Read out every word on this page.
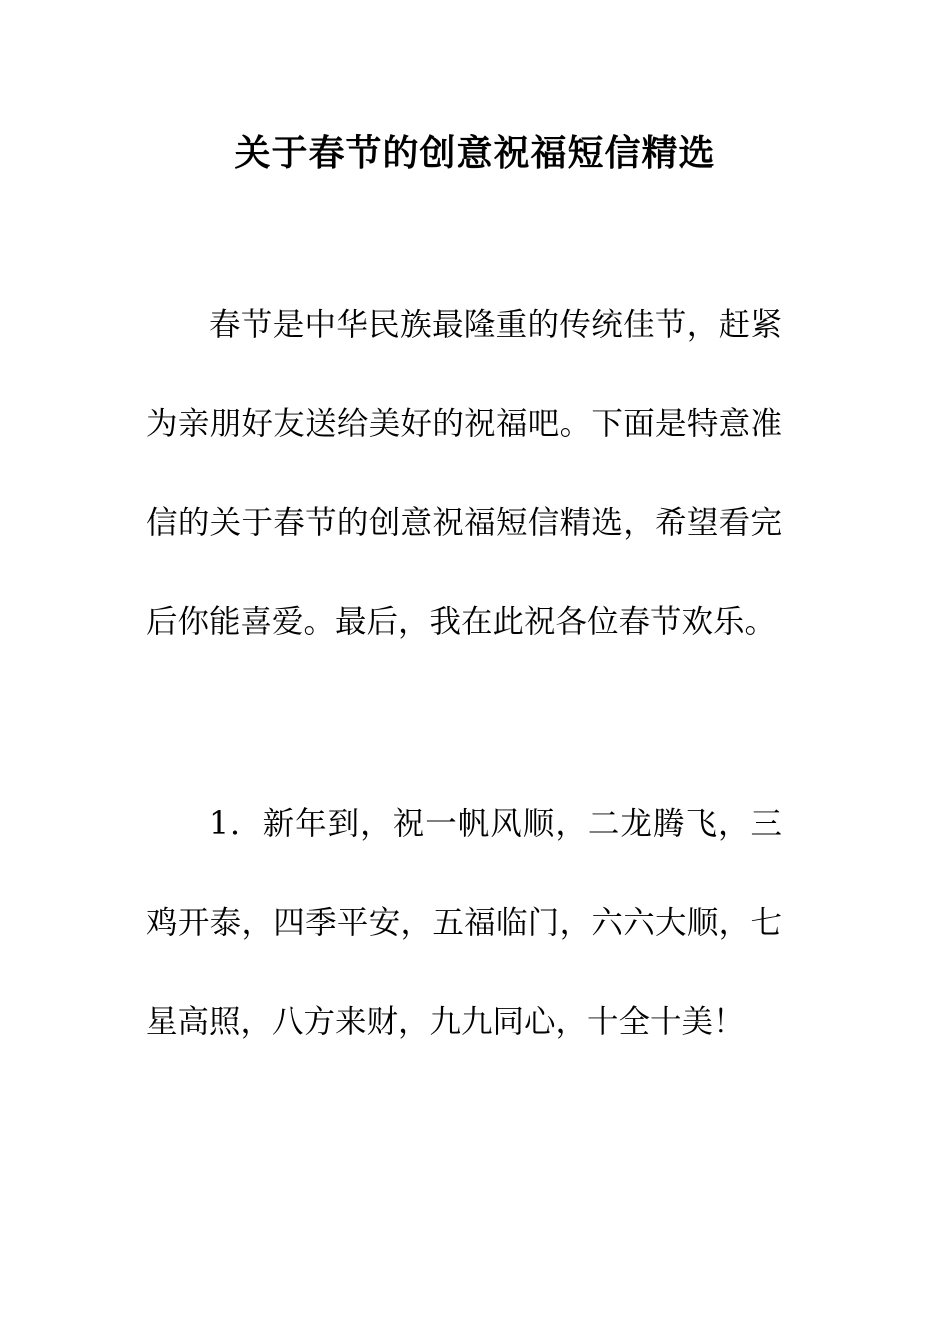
关于春节的创意祝福短信精选

春节是中华民族最隆重的传统佳节，赶紧为亲朋好友送给美好的祝福吧。下面是特意准信的关于春节的创意祝福短信精选，希望看完后你能喜爱。最后，我在此祝各位春节欢乐。

1．新年到，祝一帆风顺，二龙腾飞，三鸡开泰，四季平安，五福临门，六六大顺，七星高照，八方来财，九九同心，十全十美！
